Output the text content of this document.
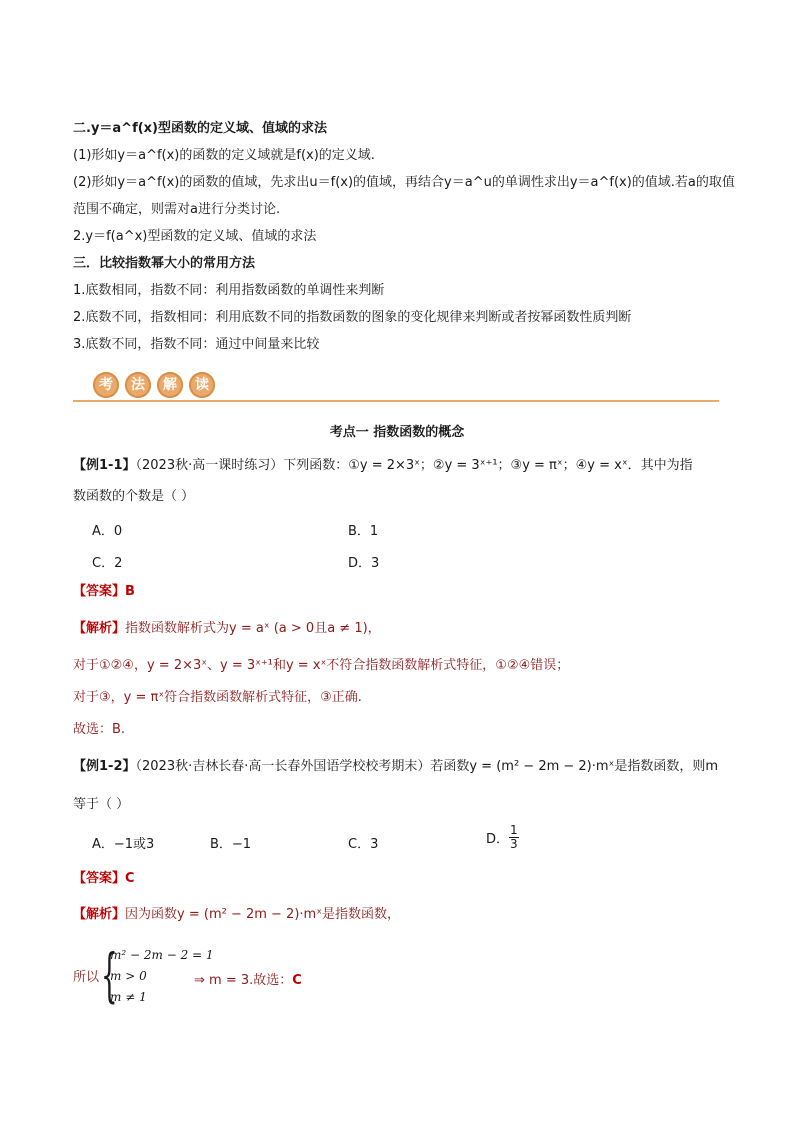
二.y＝a^f(x)型函数的定义域、值域的求法
(1)形如y＝a^f(x)的函数的定义域就是f(x)的定义域.
(2)形如y＝a^f(x)的函数的值域，先求出u＝f(x)的值域，再结合y＝a^u的单调性求出y＝a^f(x)的值域.若a的取值
范围不确定，则需对a进行分类讨论.
2.y＝f(a^x)型函数的定义域、值域的求法
三．比较指数幂大小的常用方法
1.底数相同，指数不同：利用指数函数的单调性来判断
2.底数不同，指数相同：利用底数不同的指数函数的图象的变化规律来判断或者按幂函数性质判断
3.底数不同，指数不同：通过中间量来比较
考 法 解 读
考点一 指数函数的概念
【例1-1】（2023秋·高一课时练习）下列函数：①y = 2×3ˣ；②y = 3ˣ⁺¹；③y = πˣ；④y = xˣ．其中为指
数函数的个数是（ ）
A．0	B．1
C．2	D．3
【答案】B
【解析】指数函数解析式为y = aˣ (a > 0且a ≠ 1)，
对于①②④，y = 2×3ˣ、y = 3ˣ⁺¹和y = xˣ不符合指数函数解析式特征，①②④错误；
对于③，y = πˣ符合指数函数解析式特征，③正确.
故选：B.
【例1-2】（2023秋·吉林长春·高一长春外国语学校校考期末）若函数y = (m² − 2m − 2)·mˣ是指数函数，则m
等于（ ）
A．−1或3	B．−1	C．3	D． $\frac{1}{3}$
【答案】C
【解析】因为函数y = (m² − 2m − 2)·mˣ是指数函数，
所以 {
m² − 2m − 2 = 1
m > 0
m ≠ 1
⇒ m = 3.故选：C
